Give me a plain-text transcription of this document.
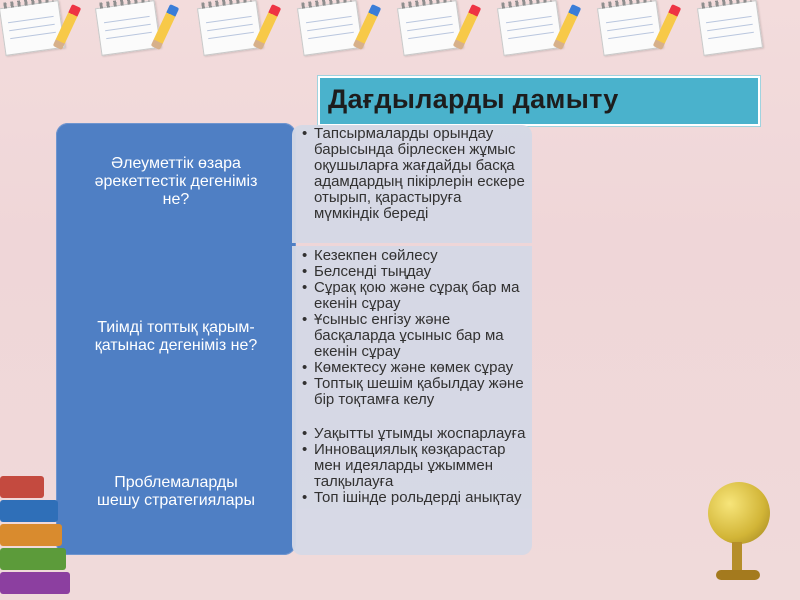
Дағдыларды дамыту
Әлеуметтік өзара
әрекеттестік дегеніміз
не?
• Тапсырмаларды орындау барысында бірлескен жұмыс оқушыларға жағдайды басқа адамдардың пікірлерін ескере отырып, қарастыруға мүмкіндік береді
Тиімді топтық қарым-
қатынас дегеніміз не?
• Кезекпен сөйлесу
• Белсенді тыңдау
• Сұрақ қою және сұрақ бар ма екенін сұрау
• Ұсыныс енгізу және басқаларда ұсыныс бар ма екенін сұрау
• Көмектесу және көмек сұрау
• Топтық шешім қабылдау және бір тоқтамға келу
Проблемаларды
шешу стратегиялары
• Уақытты ұтымды жоспарлауға
• Инновациялық көзқарастар мен идеяларды ұжыммен талқылауға
• Топ ішінде рольдерді анықтау
